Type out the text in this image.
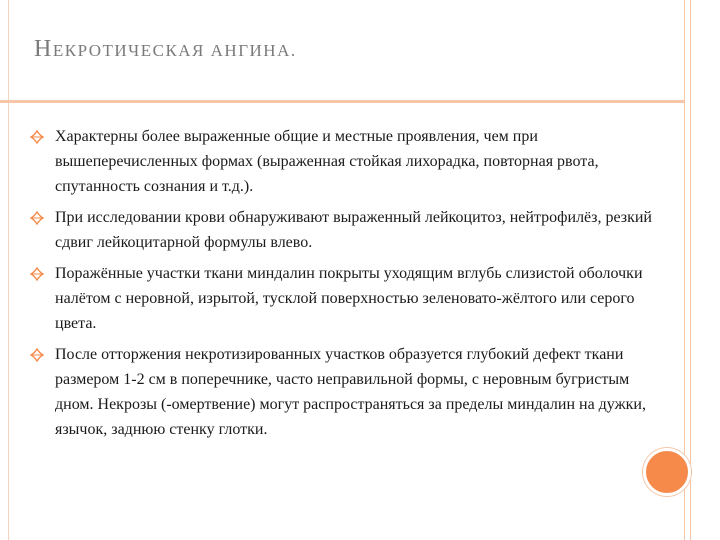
НЕКРОТИЧЕСКАЯ АНГИНА.
Характерны более выраженные общие и местные проявления, чем при вышеперечисленных формах (выраженная стойкая лихорадка, повторная рвота, спутанность сознания и т.д.).
При исследовании крови обнаруживают выраженный лейкоцитоз, нейтрофилёз, резкий сдвиг лейкоцитарной формулы влево.
Поражённые участки ткани миндалин покрыты уходящим вглубь слизистой оболочки налётом с неровной, изрытой, тусклой поверхностью зеленовато-жёлтого или серого цвета.
После отторжения некротизированных участков образуется глубокий дефект ткани размером 1-2 см в поперечнике, часто неправильной формы, с неровным бугристым дном. Некрозы (-омертвение) могут распространяться за пределы миндалин на дужки, язычок, заднюю стенку глотки.
